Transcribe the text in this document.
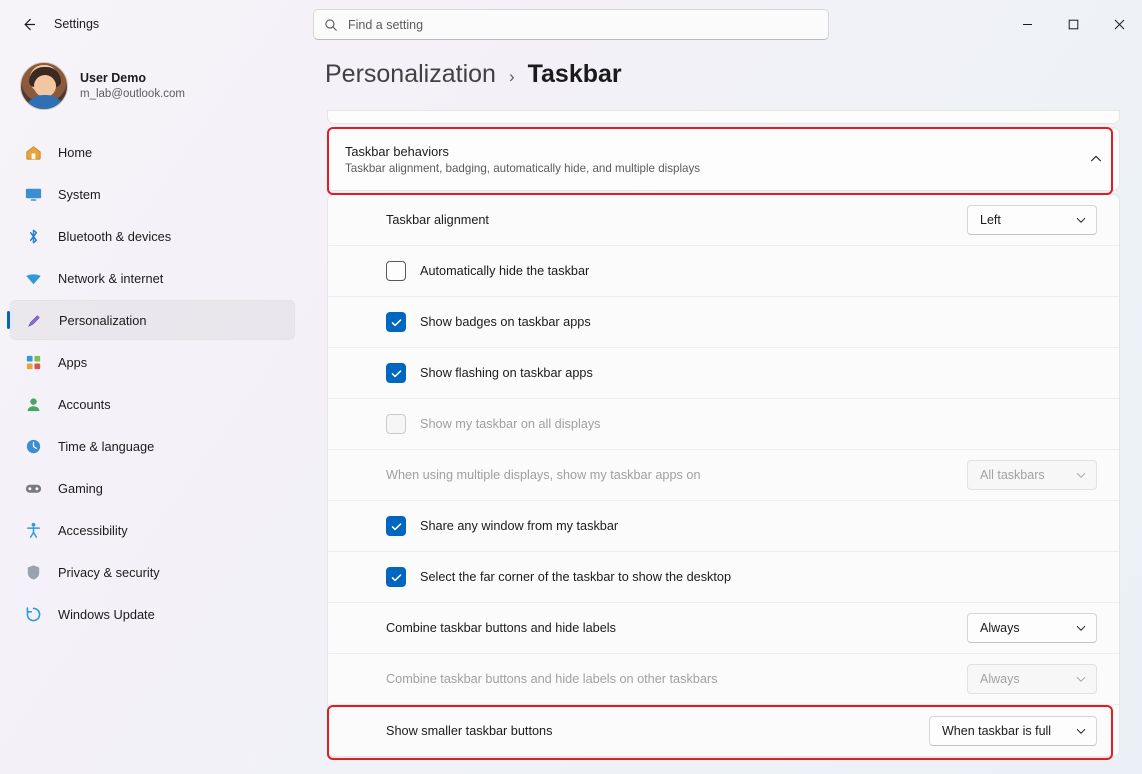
Settings
Find a setting
User Demo
m_lab@outlook.com
Home
System
Bluetooth & devices
Network & internet
Personalization
Apps
Accounts
Time & language
Gaming
Accessibility
Privacy & security
Windows Update
Personalization › Taskbar
Taskbar behaviors
Taskbar alignment, badging, automatically hide, and multiple displays
Taskbar alignment	Left
Automatically hide the taskbar
Show badges on taskbar apps
Show flashing on taskbar apps
Show my taskbar on all displays
When using multiple displays, show my taskbar apps on	All taskbars
Share any window from my taskbar
Select the far corner of the taskbar to show the desktop
Combine taskbar buttons and hide labels	Always
Combine taskbar buttons and hide labels on other taskbars	Always
Show smaller taskbar buttons	When taskbar is full
